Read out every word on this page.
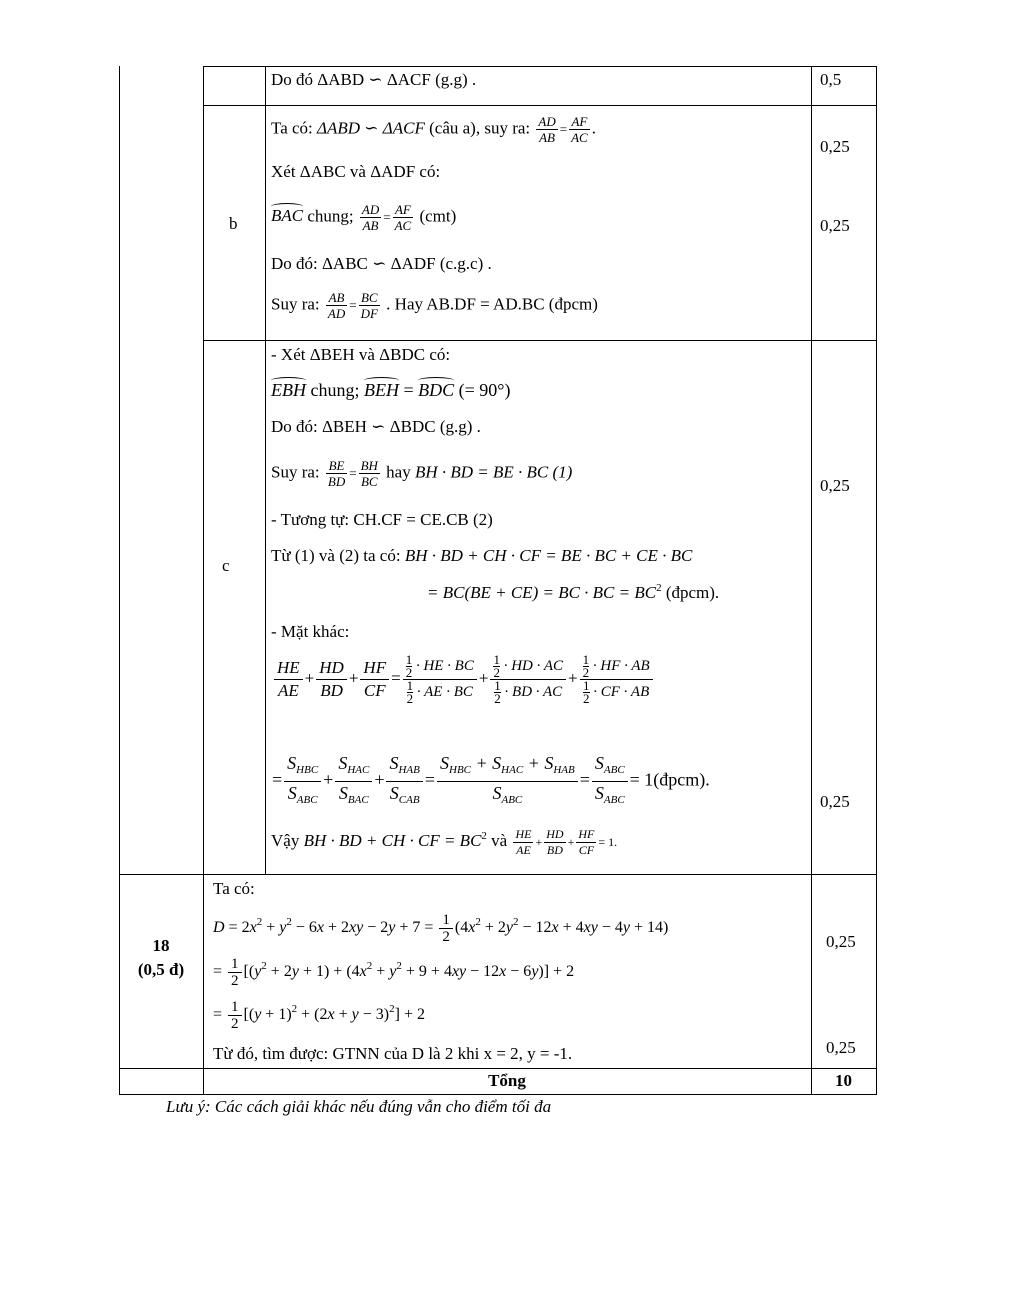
Do đó ΔABD ∽ ΔACF (g.g) .	0,5
b
Ta có: ΔABD ∽ ΔACF (câu a), suy ra: $\frac{AD}{AB} = \frac{AF}{AC}$ .
Xét ΔABC và ΔADF có:
BAC chung; $\frac{AD}{AB} = \frac{AF}{AC} (cmt)$
Do đó: ΔABC ∽ ΔADF (c.g.c) .
Suy ra: $\frac{AB}{AD} = \frac{BC}{DF}$ . Hay AB.DF = AD.BC (đpcm)
0,25
0,25
c
- Xét ΔBEH và ΔBDC có:
EBH chung; BEH = BDC (= 90°)
Do đó: ΔBEH ∽ ΔBDC (g.g) .
Suy ra: $\frac{BE}{BD} = \frac{BH}{BC}$ hay BH · BD = BE · BC (1)
- Tương tự: CH.CF = CE.CB (2)
Từ (1) và (2) ta có: BH · BD + CH · CF = BE · BC + CE · BC
= BC(BE + CE) = BC · BC = $BC^2$ (đpcm).
- Mặt khác:
$\frac{HE}{AE} + \frac{HD}{BD} + \frac{HF}{CF} = \frac{\frac{1}{2} \cdot HE \cdot BC}{\frac{1}{2} \cdot AE \cdot BC} + \frac{\frac{1}{2} \cdot HD \cdot AC}{\frac{1}{2} \cdot BD \cdot AC} + \frac{\frac{1}{2} \cdot HF \cdot AB}{\frac{1}{2} \cdot CF \cdot AB}$
=
$S_{HBC}$
$S_{ABC}$
+
$S_{HAC}$
$S_{BAC}$
+
$S_{HAB}$
$S_{CAB}$
=
$S_{HBC} + S_{HAC} + S_{HAB}$
$S_{ABC}$
=
$S_{ABC}$
$S_{ABC}$
= 1(đpcm).
Vậy BH · BD + CH · CF = $BC^2$ và $\frac{HE}{AE} + \frac{HD}{BD} + \frac{HF}{CF} = 1$.
0,25
0,25
18
(0,5 đ)
Ta có:
$D = 2x^2 + y^2 - 6x + 2xy - 2y + 7 = \frac{1}{2} (4x^2 + 2y^2 - 12x + 4xy - 4y + 14)$
= $\frac{1}{2} [(y^2 + 2y + 1) + (4x^2 + y^2 + 9 + 4xy - 12x - 6y)] + 2$
= $\frac{1}{2} [(y + 1)^2 + (2x + y - 3)^2] + 2$
Từ đó, tìm được: GTNN của D là 2 khi x = 2, y = -1.
0,25
0,25
Tổng	10
Lưu ý: Các cách giải khác nếu đúng vẫn cho điểm tối đa
